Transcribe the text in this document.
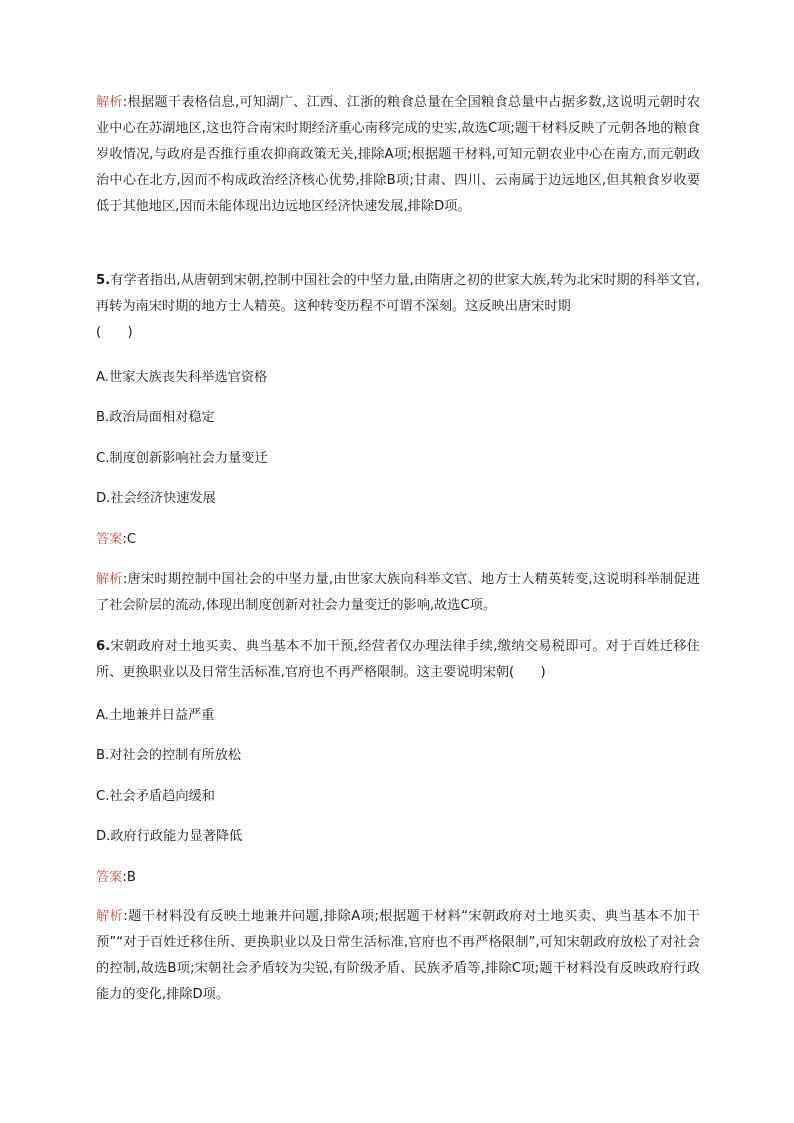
解析:根据题干表格信息,可知湖广、江西、江浙的粮食总量在全国粮食总量中占据多数,这说明元朝时农业中心在苏湖地区,这也符合南宋时期经济重心南移完成的史实,故选C项;题干材料反映了元朝各地的粮食岁收情况,与政府是否推行重农抑商政策无关,排除A项;根据题干材料,可知元朝农业中心在南方,而元朝政治中心在北方,因而不构成政治经济核心优势,排除B项;甘肃、四川、云南属于边远地区,但其粮食岁收要低于其他地区,因而未能体现出边远地区经济快速发展,排除D项。

5.有学者指出,从唐朝到宋朝,控制中国社会的中坚力量,由隋唐之初的世家大族,转为北宋时期的科举文官,再转为南宋时期的地方士人精英。这种转变历程不可谓不深刻。这反映出唐宋时期
(　　)

A.世家大族丧失科举选官资格
B.政治局面相对稳定
C.制度创新影响社会力量变迁
D.社会经济快速发展
答案:C

解析:唐宋时期控制中国社会的中坚力量,由世家大族向科举文官、地方士人精英转变,这说明科举制促进了社会阶层的流动,体现出制度创新对社会力量变迁的影响,故选C项。

6.宋朝政府对土地买卖、典当基本不加干预,经营者仅办理法律手续,缴纳交易税即可。对于百姓迁移住所、更换职业以及日常生活标准,官府也不再严格限制。这主要说明宋朝(　　)

A.土地兼并日益严重
B.对社会的控制有所放松
C.社会矛盾趋向缓和
D.政府行政能力显著降低
答案:B

解析:题干材料没有反映土地兼并问题,排除A项;根据题干材料“宋朝政府对土地买卖、典当基本不加干预”“对于百姓迁移住所、更换职业以及日常生活标准,官府也不再严格限制”,可知宋朝政府放松了对社会的控制,故选B项;宋朝社会矛盾较为尖锐,有阶级矛盾、民族矛盾等,排除C项;题干材料没有反映政府行政能力的变化,排除D项。
